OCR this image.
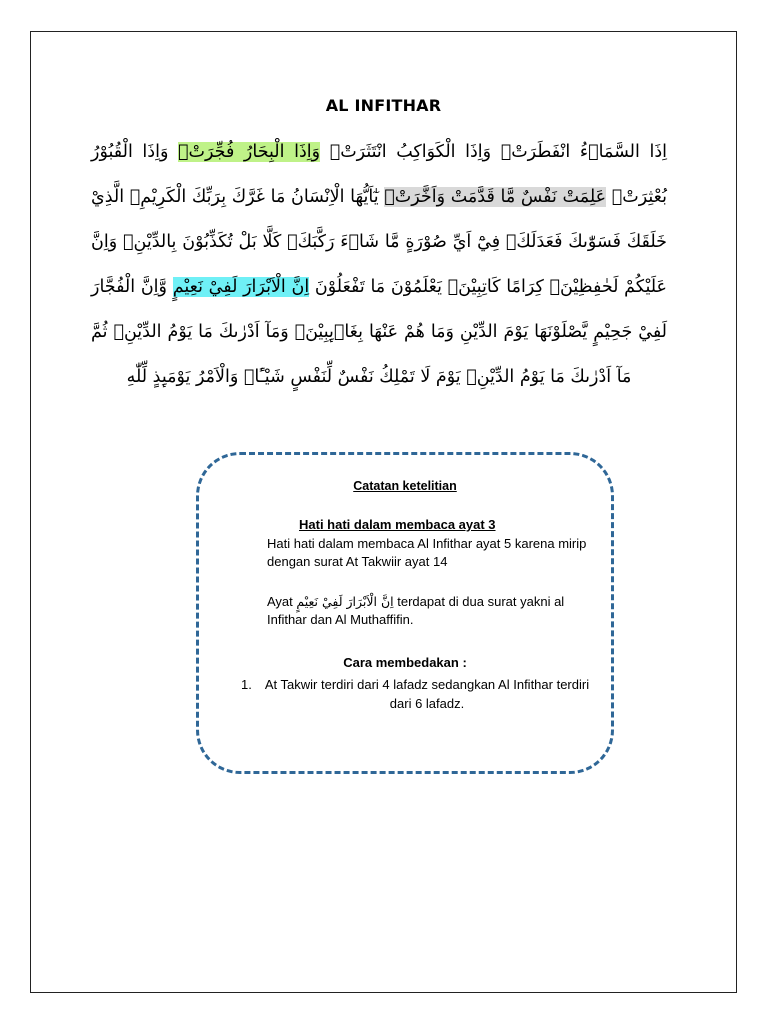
AL INFITHAR
اِذَا السَّمَاۤءُ انْفَطَرَتْۙ وَاِذَا الْكَوَاكِبُ انْتَثَرَتْۙ وَاِذَا الْبِحَارُ فُجِّرَتْۙ وَاِذَا الْقُبُوْرُ بُعْثِرَتْۙ عَلِمَتْ نَفْسٌ مَّا قَدَّمَتْ وَاَخَّرَتْۗ يٰٓاَيُّهَا الْاِنْسَانُ مَا غَرَّكَ بِرَبِّكَ الْكَرِيْمِۙ الَّذِيْ خَلَقَكَ فَسَوّٰىكَ فَعَدَلَكَۙ فِيْٓ اَيِّ صُوْرَةٍ مَّا شَاۤءَ رَكَّبَكَۗ كَلَّا بَلْ تُكَذِّبُوْنَ بِالدِّيْنِۙ وَاِنَّ عَلَيْكُمْ لَحٰفِظِيْنَۙ كِرَامًا كَاتِبِيْنَۙ يَعْلَمُوْنَ مَا تَفْعَلُوْنَ اِنَّ الْاَبْرَارَ لَفِيْ نَعِيْمٍ وَّاِنَّ الْفُجَّارَ لَفِيْ جَحِيْمٍ يَّصْلَوْنَهَا يَوْمَ الدِّيْنِ وَمَا هُمْ عَنْهَا بِغَاۤىِٕبِيْنَۗ وَمَآ اَدْرٰىكَ مَا يَوْمُ الدِّيْنِۙ ثُمَّ مَآ اَدْرٰىكَ مَا يَوْمُ الدِّيْنِۗ يَوْمَ لَا تَمْلِكُ نَفْسٌ لِّنَفْسٍ شَيْـًٔاۗ وَالْاَمْرُ يَوْمَىِٕذٍ لِّلّٰهِ
Catatan ketelitian
Hati hati dalam membaca ayat 3
Hati hati dalam membaca Al Infithar ayat 5 karena mirip dengan surat At Takwiir ayat 14
Ayat اِنَّ الْاَبْرَارَ لَفِيْ نَعِيْمٍ terdapat di dua surat yakni al Infithar dan Al Muthaffifin.
Cara membedakan :
1.	At Takwir terdiri dari 4 lafadz sedangkan Al Infithar terdiri dari 6 lafadz.
